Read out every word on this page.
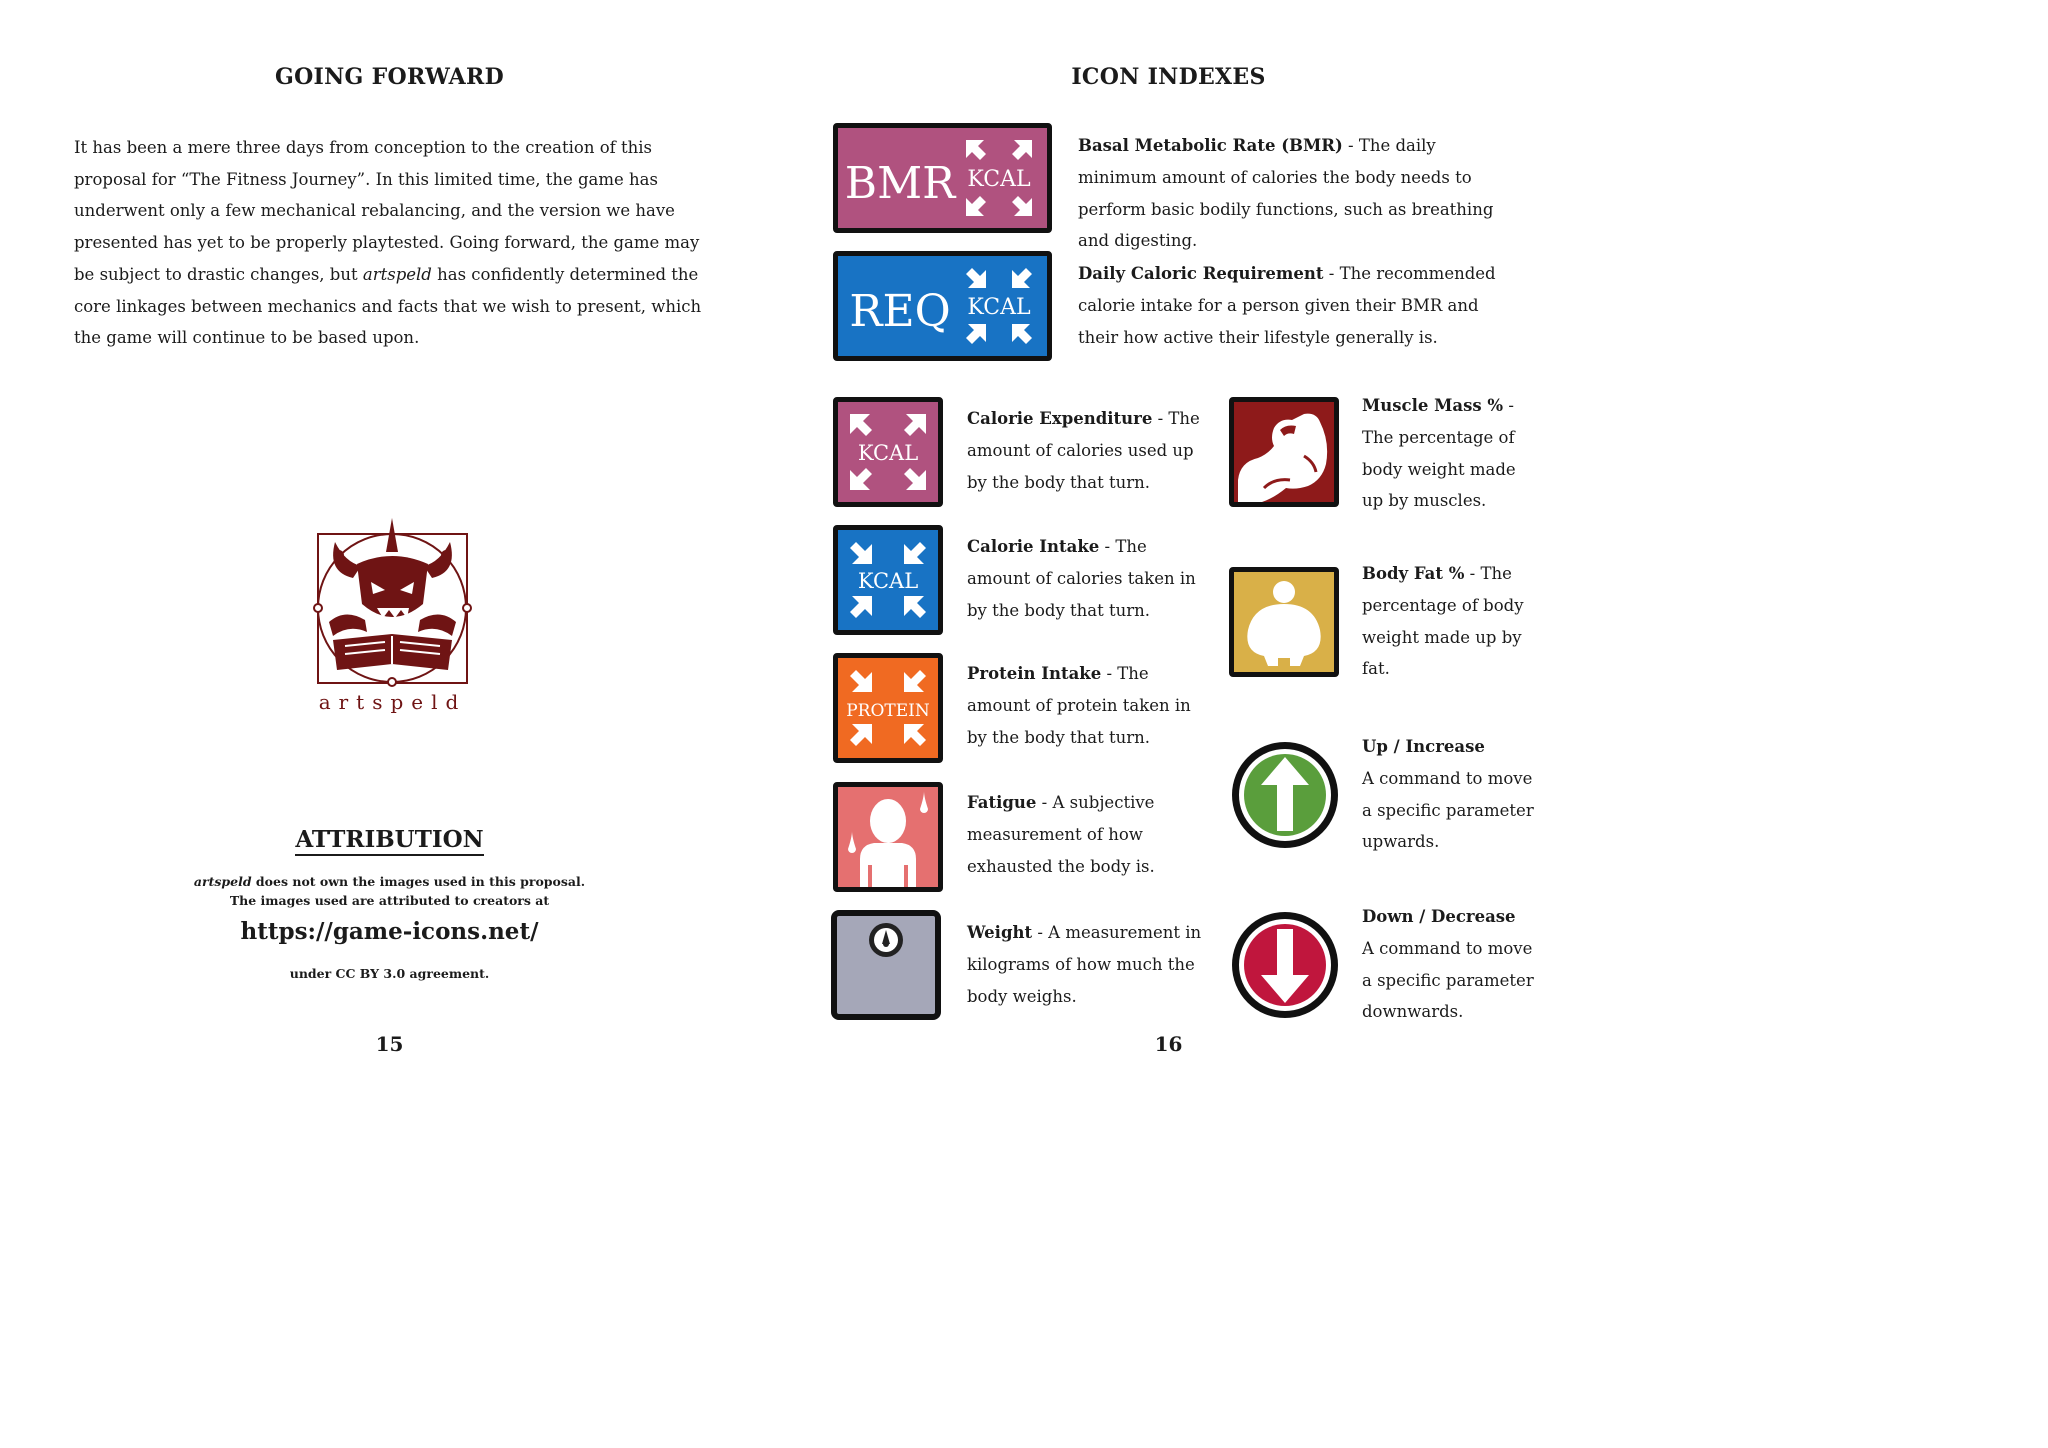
GOING FORWARD
It has been a mere three days from conception to the creation of this proposal for “The Fitness Journey”. In this limited time, the game has underwent only a few mechanical rebalancing, and the version we have presented has yet to be properly playtested. Going forward, the game may be subject to drastic changes, but artspeld has confidently determined the core linkages between mechanics and facts that we wish to present, which the game will continue to be based upon.
artspeld
ATTRIBUTION
artspeld does not own the images used in this proposal.
The images used are attributed to creators at
https://game-icons.net/
under CC BY 3.0 agreement.
15
ICON INDEXES
BMR KCAL
Basal Metabolic Rate (BMR) - The daily minimum amount of calories the body needs to perform basic bodily functions, such as breathing and digesting.
REQ KCAL
Daily Caloric Requirement - The recommended calorie intake for a person given their BMR and their how active their lifestyle generally is.
KCAL
Calorie Expenditure - The amount of calories used up by the body that turn.
KCAL
Calorie Intake - The amount of calories taken in by the body that turn.
PROTEIN
Protein Intake - The amount of protein taken in by the body that turn.
Fatigue - A subjective measurement of how exhausted the body is.
Weight - A measurement in kilograms of how much the body weighs.
Muscle Mass % - The percentage of body weight made up by muscles.
Body Fat % - The percentage of body weight made up by fat.
Up / Increase
A command to move a specific parameter upwards.
Down / Decrease
A command to move a specific parameter downwards.
16
